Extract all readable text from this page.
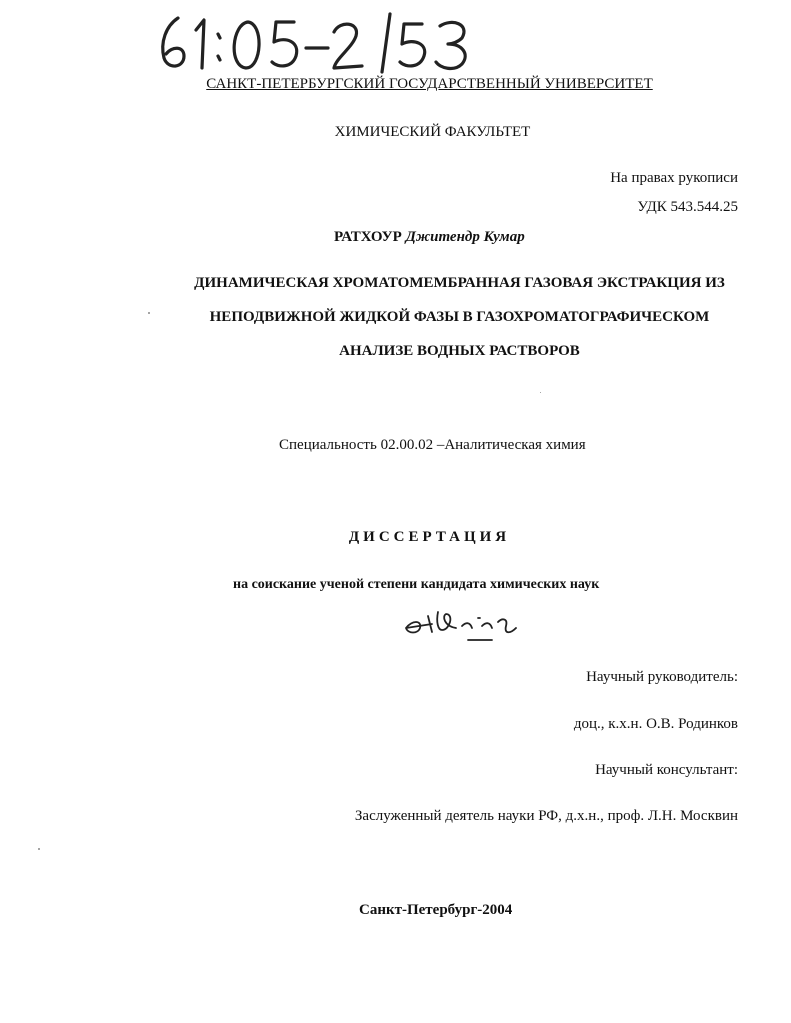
САНКТ-ПЕТЕРБУРГСКИЙ ГОСУДАРСТВЕННЫЙ УНИВЕРСИТЕТ
ХИМИЧЕСКИЙ ФАКУЛЬТЕТ
На правах рукописи
УДК 543.544.25
РАТХОУР Джитендр Кумар
ДИНАМИЧЕСКАЯ ХРОМАТОМЕМБРАННАЯ ГАЗОВАЯ ЭКСТРАКЦИЯ ИЗ
НЕПОДВИЖНОЙ ЖИДКОЙ ФАЗЫ В ГАЗОХРОМАТОГРАФИЧЕСКОМ
АНАЛИЗЕ ВОДНЫХ РАСТВОРОВ
Специальность 02.00.02 –Аналитическая химия
ДИССЕРТАЦИЯ
на соискание ученой степени кандидата химических наук
Научный руководитель:
доц., к.х.н. О.В. Родинков
Научный консультант:
Заслуженный деятель науки РФ, д.х.н., проф. Л.Н. Москвин
Санкт-Петербург-2004
